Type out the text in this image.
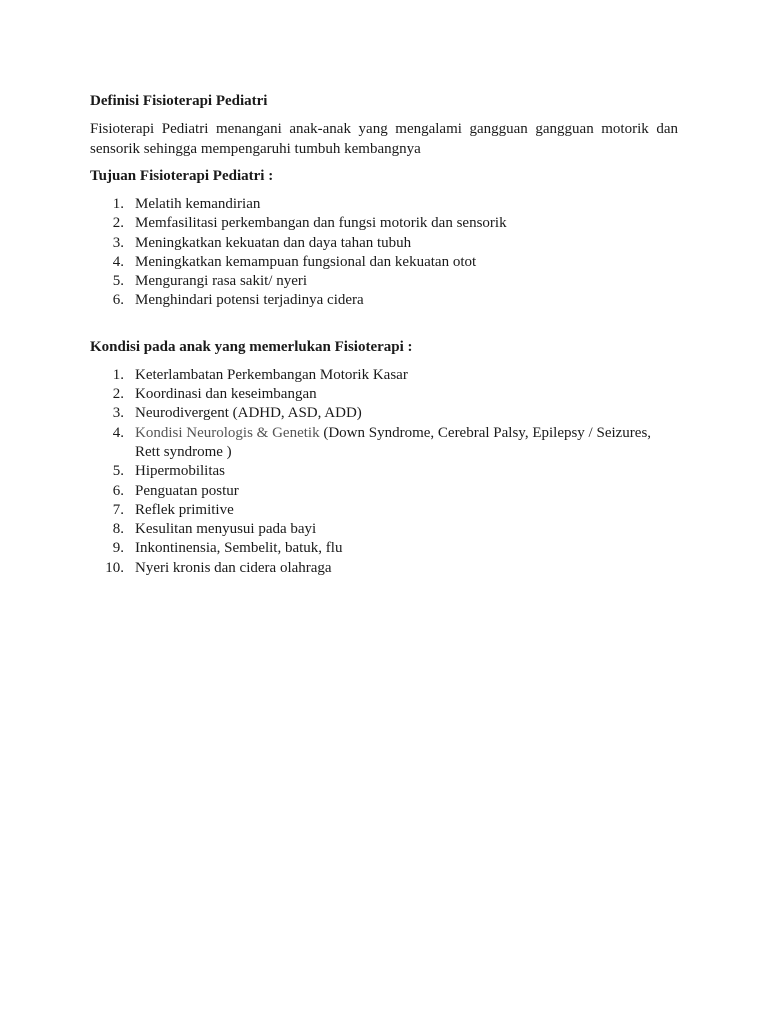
Definisi Fisioterapi Pediatri

Fisioterapi Pediatri menangani anak-anak yang mengalami gangguan gangguan motorik dan sensorik sehingga mempengaruhi tumbuh kembangnya

Tujuan Fisioterapi Pediatri :

1. Melatih kemandirian
2. Memfasilitasi perkembangan dan fungsi motorik dan sensorik
3. Meningkatkan kekuatan dan daya tahan tubuh
4. Meningkatkan kemampuan fungsional dan kekuatan otot
5. Mengurangi rasa sakit/ nyeri
6. Menghindari potensi terjadinya cidera

Kondisi pada anak yang memerlukan Fisioterapi :

1. Keterlambatan Perkembangan Motorik Kasar
2. Koordinasi dan keseimbangan
3. Neurodivergent (ADHD, ASD, ADD)
4. Kondisi Neurologis & Genetik (Down Syndrome, Cerebral Palsy, Epilepsy / Seizures, Rett syndrome )
5. Hipermobilitas
6. Penguatan postur
7. Reflek primitive
8. Kesulitan menyusui pada bayi
9. Inkontinensia, Sembelit, batuk, flu
10. Nyeri kronis dan cidera olahraga
